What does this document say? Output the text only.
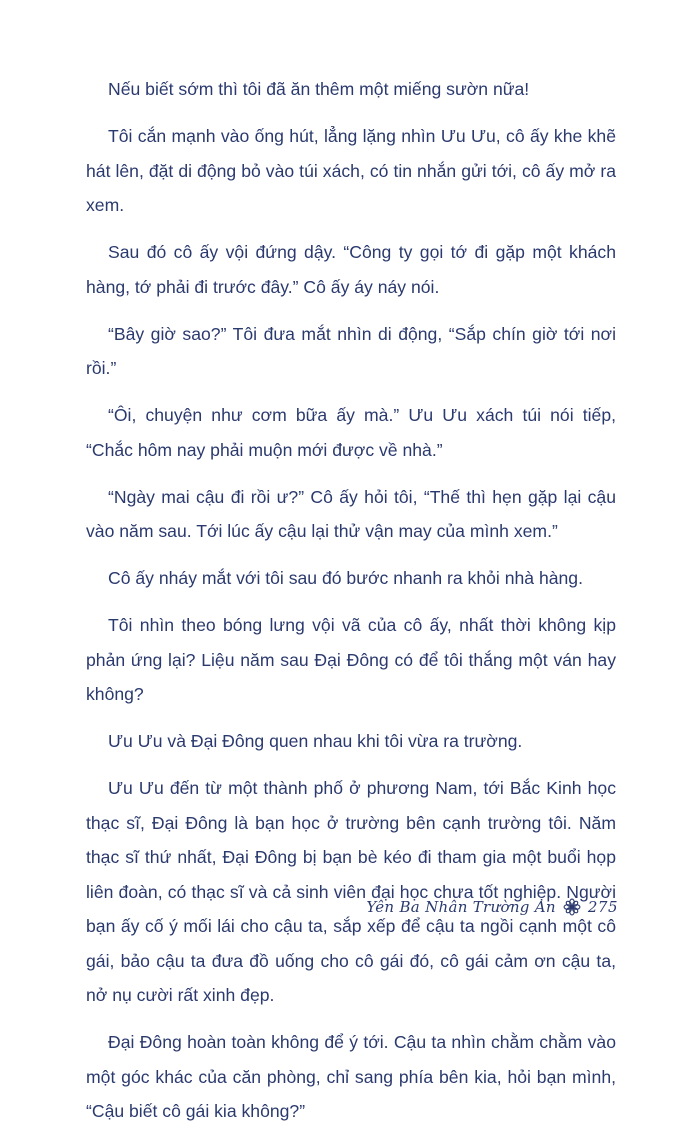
Nếu biết sớm thì tôi đã ăn thêm một miếng sườn nữa!

Tôi cắn mạnh vào ống hút, lẳng lặng nhìn Ưu Ưu, cô ấy khe khẽ hát lên, đặt di động bỏ vào túi xách, có tin nhắn gửi tới, cô ấy mở ra xem.

Sau đó cô ấy vội đứng dậy. “Công ty gọi tớ đi gặp một khách hàng, tớ phải đi trước đây.” Cô ấy áy náy nói.

“Bây giờ sao?” Tôi đưa mắt nhìn di động, “Sắp chín giờ tới nơi rồi.”

“Ôi, chuyện như cơm bữa ấy mà.” Ưu Ưu xách túi nói tiếp, “Chắc hôm nay phải muộn mới được về nhà.”

“Ngày mai cậu đi rồi ư?” Cô ấy hỏi tôi, “Thế thì hẹn gặp lại cậu vào năm sau. Tới lúc ấy cậu lại thử vận may của mình xem.”

Cô ấy nháy mắt với tôi sau đó bước nhanh ra khỏi nhà hàng.

Tôi nhìn theo bóng lưng vội vã của cô ấy, nhất thời không kịp phản ứng lại? Liệu năm sau Đại Đông có để tôi thắng một ván hay không?

Ưu Ưu và Đại Đông quen nhau khi tôi vừa ra trường.

Ưu Ưu đến từ một thành phố ở phương Nam, tới Bắc Kinh học thạc sĩ, Đại Đông là bạn học ở trường bên cạnh trường tôi. Năm thạc sĩ thứ nhất, Đại Đông bị bạn bè kéo đi tham gia một buổi họp liên đoàn, có thạc sĩ và cả sinh viên đại học chưa tốt nghiệp. Người bạn ấy cố ý mối lái cho cậu ta, sắp xếp để cậu ta ngồi cạnh một cô gái, bảo cậu ta đưa đồ uống cho cô gái đó, cô gái cảm ơn cậu ta, nở nụ cười rất xinh đẹp.

Đại Đông hoàn toàn không để ý tới. Cậu ta nhìn chằm chằm vào một góc khác của căn phòng, chỉ sang phía bên kia, hỏi bạn mình, “Cậu biết cô gái kia không?”

Yên Ba Nhân Trường An 275
